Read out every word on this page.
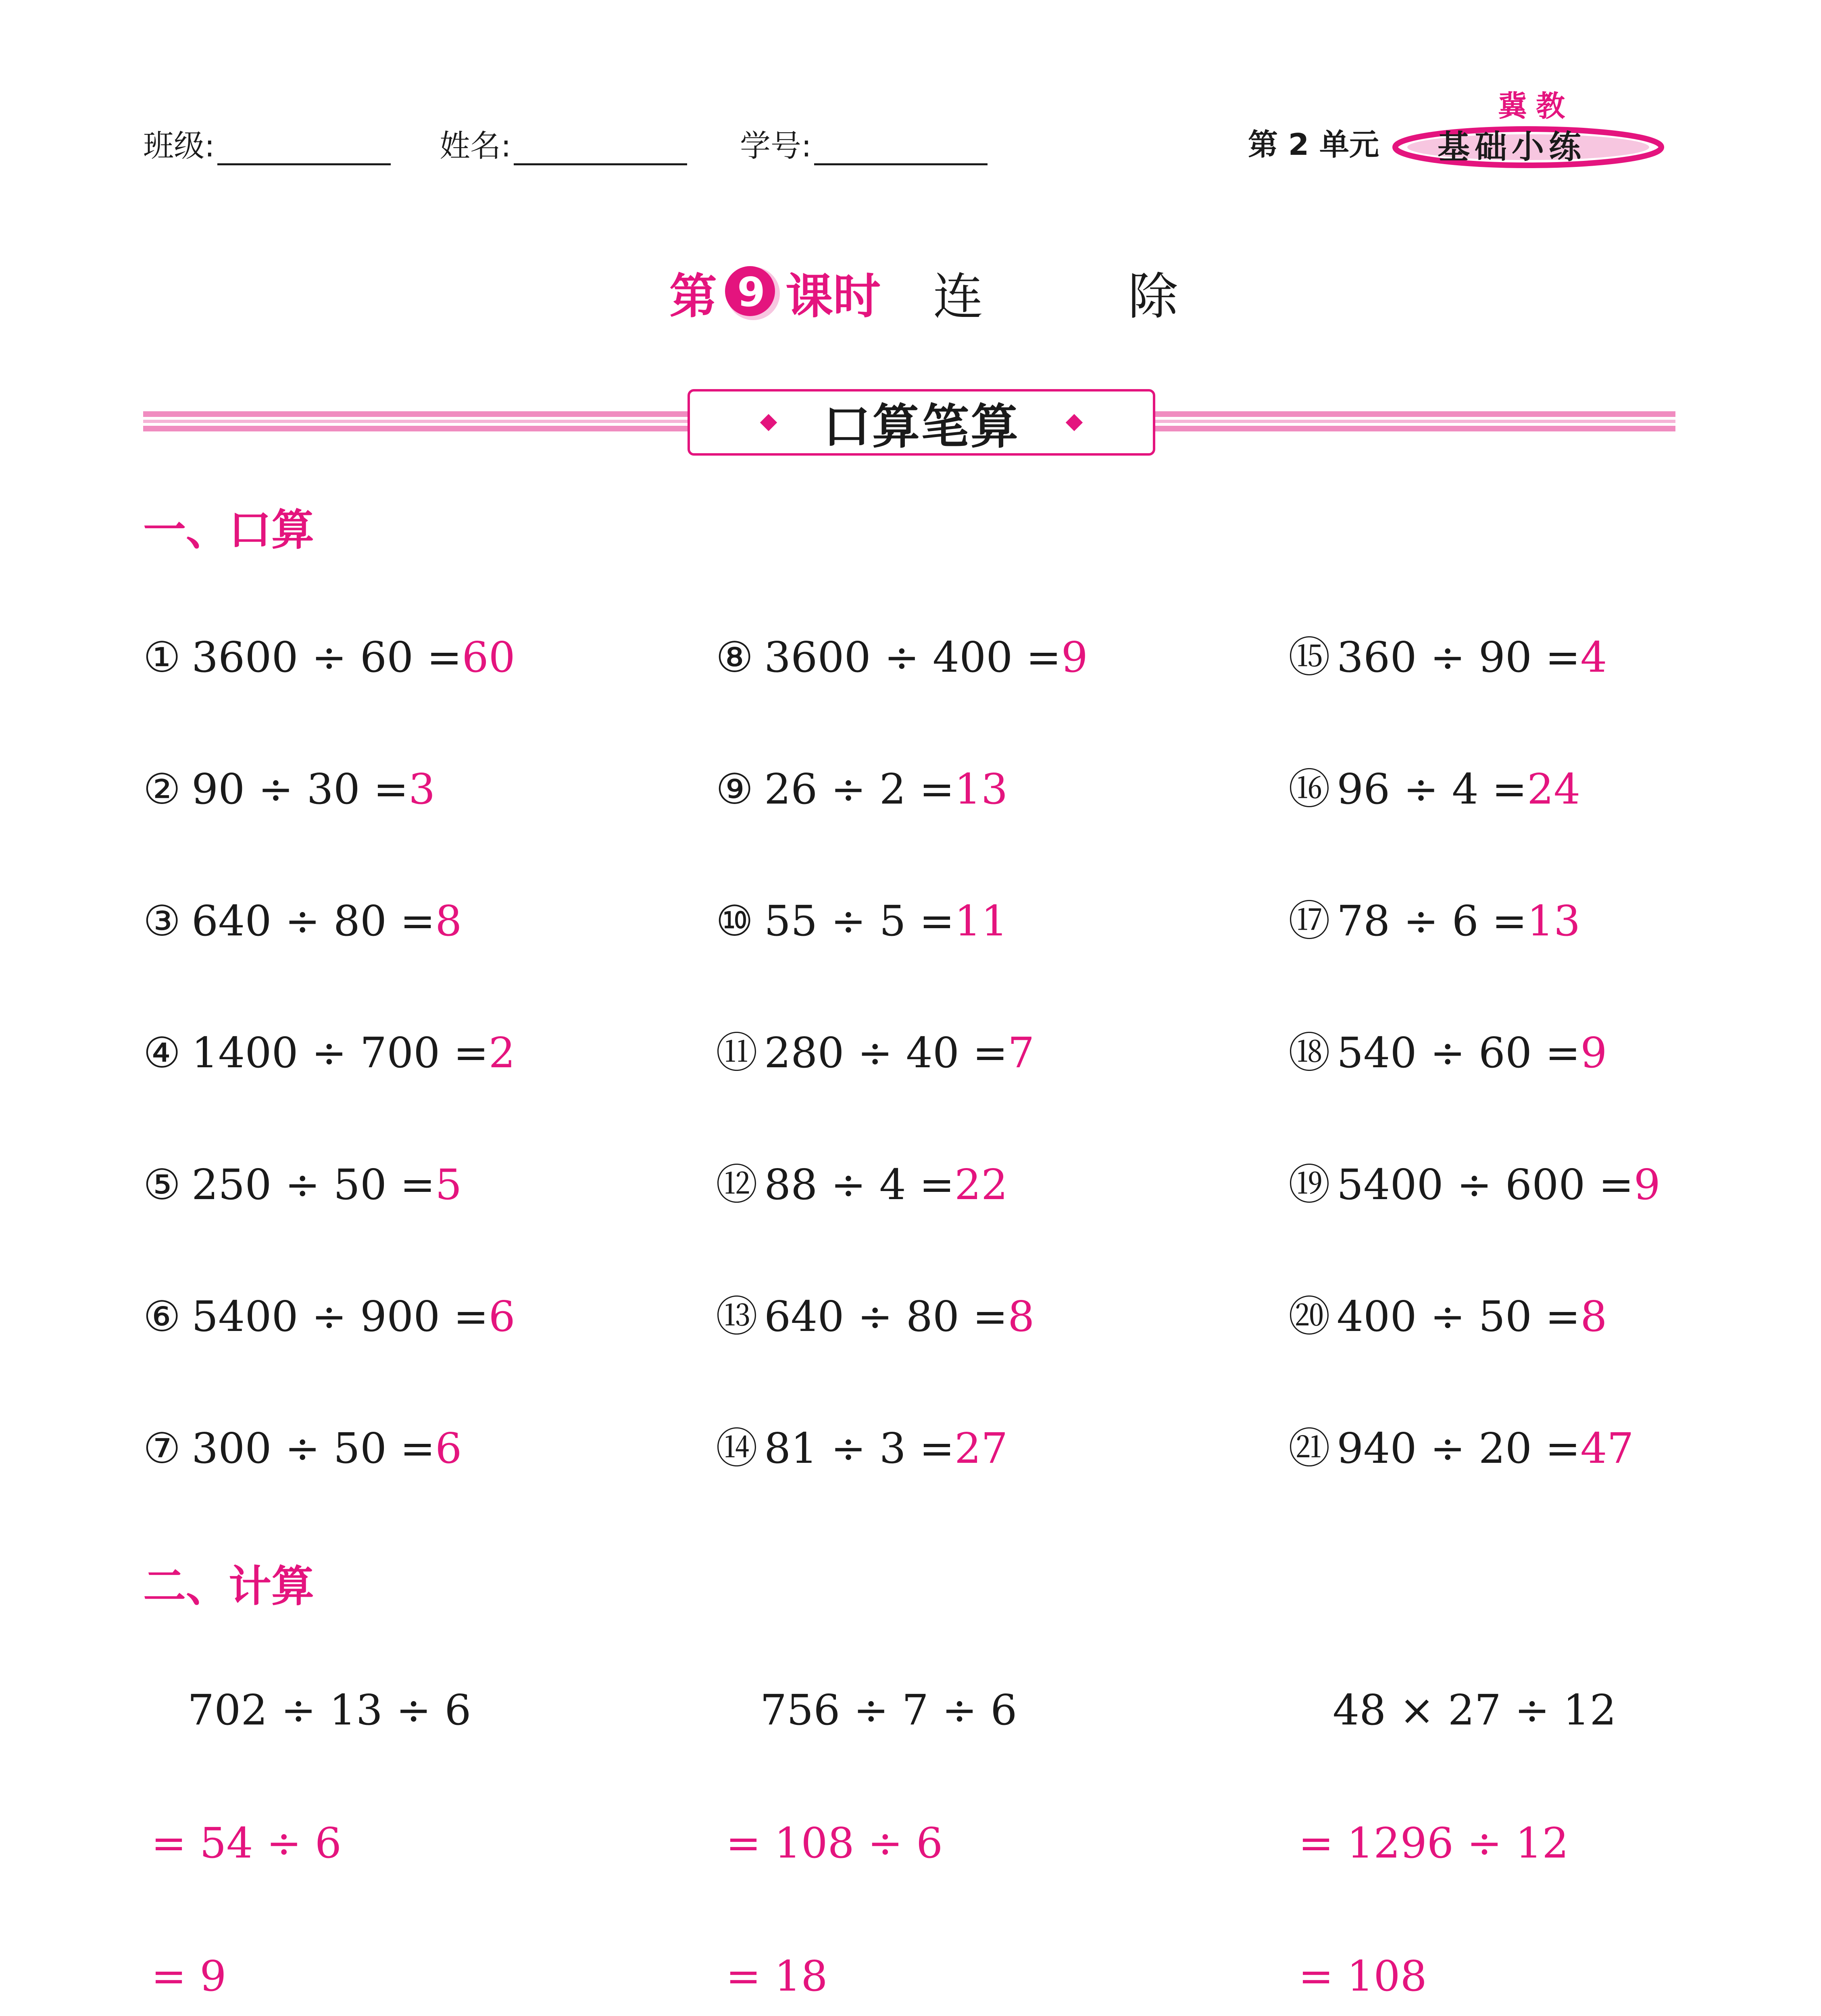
班级:	姓名:	学号:	第 2 单元
冀教
基础小练
第 9 课时 连 除
口算笔算
一、口算
① 3600 ÷ 60 =60
② 90 ÷ 30 =3
③ 640 ÷ 80 =8
④ 1400 ÷ 700 =2
⑤ 250 ÷ 50 =5
⑥ 5400 ÷ 900 =6
⑦ 300 ÷ 50 =6
⑧ 3600 ÷ 400 =9
⑨ 26 ÷ 2 =13
⑩ 55 ÷ 5 =11
⑪ 280 ÷ 40 =7
⑫ 88 ÷ 4 =22
⑬ 640 ÷ 80 =8
⑭ 81 ÷ 3 =27
⑮ 360 ÷ 90 =4
⑯ 96 ÷ 4 =24
⑰ 78 ÷ 6 =13
⑱ 540 ÷ 60 =9
⑲ 5400 ÷ 600 =9
⑳ 400 ÷ 50 =8
㉑ 940 ÷ 20 =47
二、计算
702 ÷ 13 ÷ 6
= 54 ÷ 6
= 9
756 ÷ 7 ÷ 6
= 108 ÷ 6
= 18
48 × 27 ÷ 12
= 1296 ÷ 12
= 108
